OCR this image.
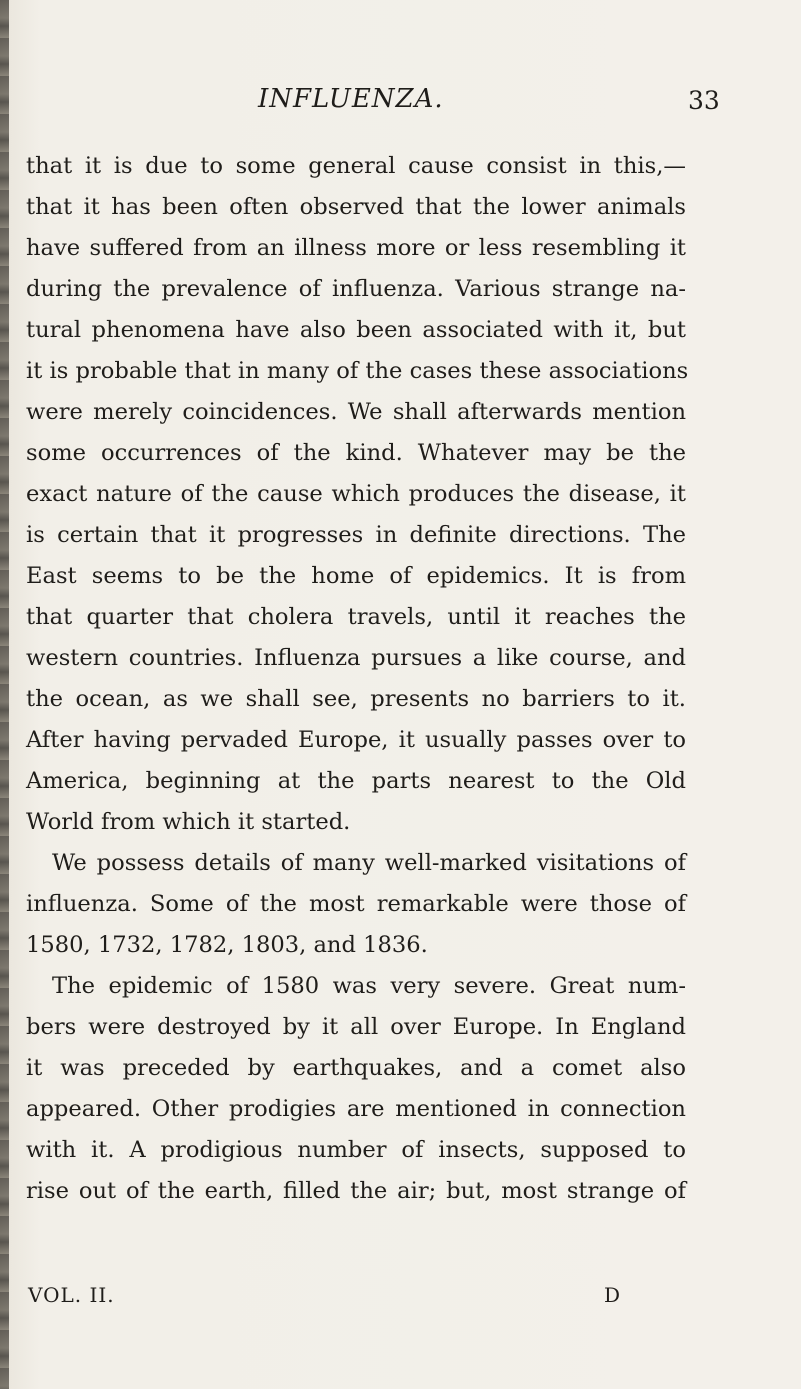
INFLUENZA.	33
that it is due to some general cause consist in this,—
that it has been often observed that the lower animals
have suffered from an illness more or less resembling it
during the prevalence of influenza. Various strange na-
tural phenomena have also been associated with it, but
it is probable that in many of the cases these associations
were merely coincidences. We shall afterwards mention
some occurrences of the kind. Whatever may be the
exact nature of the cause which produces the disease, it
is certain that it progresses in definite directions. The
East seems to be the home of epidemics. It is from
that quarter that cholera travels, until it reaches the
western countries. Influenza pursues a like course, and
the ocean, as we shall see, presents no barriers to it.
After having pervaded Europe, it usually passes over to
America, beginning at the parts nearest to the Old
World from which it started.
We possess details of many well-marked visitations of
influenza. Some of the most remarkable were those of
1580, 1732, 1782, 1803, and 1836.
The epidemic of 1580 was very severe. Great num-
bers were destroyed by it all over Europe. In England
it was preceded by earthquakes, and a comet also
appeared. Other prodigies are mentioned in connection
with it. A prodigious number of insects, supposed to
rise out of the earth, filled the air; but, most strange of
VOL. II.	D
